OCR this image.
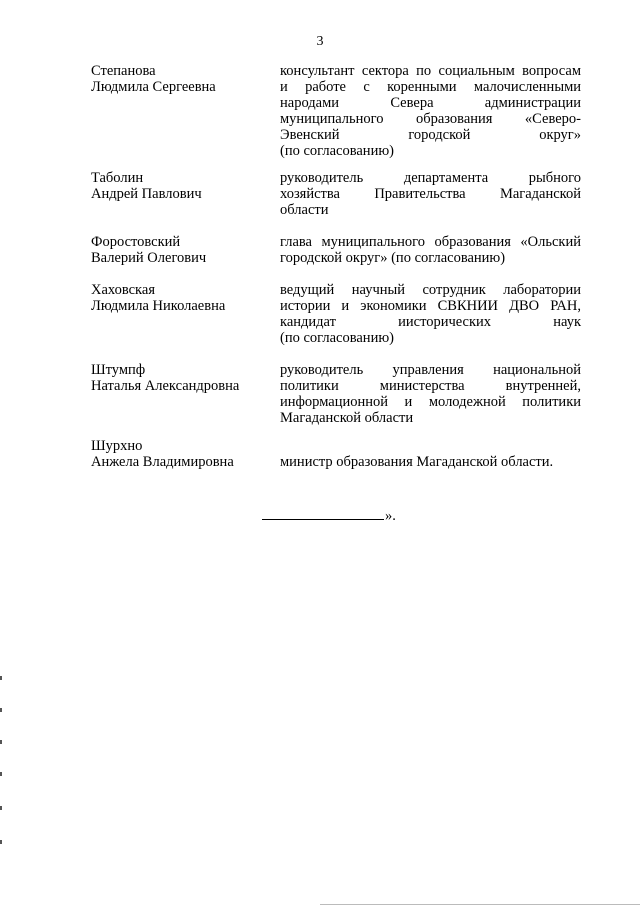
3
Степанова
Людмила Сергеевна
консультант сектора по социальным вопросам
и работе с коренными малочисленными
народами Севера администрации
муниципального образования «Северо-
Эвенский городской округ»
(по согласованию)
Таболин
Андрей Павлович
руководитель департамента рыбного
хозяйства Правительства Магаданской
области
Форостовский
Валерий Олегович
глава муниципального образования «Ольский
городской округ» (по согласованию)
Хаховская
Людмила Николаевна
ведущий научный сотрудник лаборатории
истории и экономики СВКНИИ ДВО РАН,
кандидат иисторических наук
(по согласованию)
Штумпф
Наталья Александровна
руководитель управления национальной
политики министерства внутренней,
информационной и молодежной политики
Магаданской области
Шурхно
Анжела Владимировна	министр образования Магаданской области.
».
